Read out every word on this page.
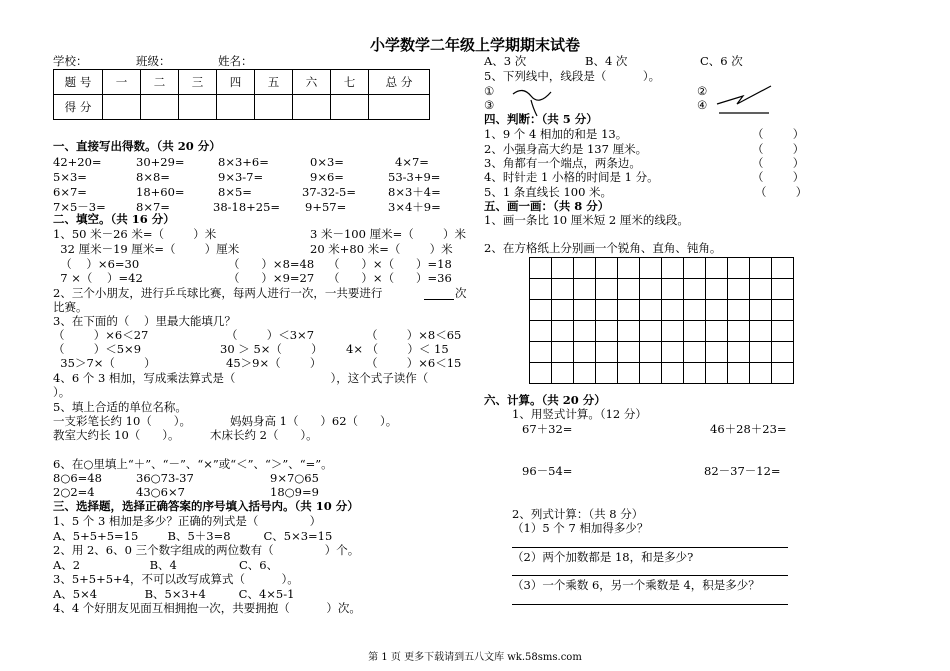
小学数学二年级上学期期末试卷
学校：	班级：	姓名：
题 号	一	二	三	四	五	六	七	总 分
得 分								
一、直接写出得数。（共 20 分）
42+20=	30+29=	8×3+6=	0×3=	4×7=
5×3=	8×8=	9×3-7=	9×6=	53-3+9=
6×7=	18+60=	8×5=	37-32-5=	8×3＋4=
7×5－3=	8×7=	38-18+25= 9+57=	3×4＋9=
二、填空。（共 16 分）
1、50 米－26 米=（        ）米	3 米－100 厘米=（        ）米
32 厘米－19 厘米=（        ）厘米	20 米+80 米=（        ）米
（    ）×6=30	（      ）×8=48 （      ）×（      ）=18
7 ×（    ）=42	（      ）×9=27 （      ）×（      ）=36
2、三个小朋友，进行乒乓球比赛，每两人进行一次，一共要进行	次
比赛。
3、在下面的（    ）里最大能填几？
（        ）×6＜27	（        ）＜3×7	（        ）×8＜65
（        ）＜5×9	30 ＞ 5×（        ） 4× （        ）＜ 15
35＞7×（        ）	45＞9×（        ）	（        ）×6＜15
4、6 个 3 相加，写成乘法算式是（                          ），这个式子读作（
）。
5、填上合适的单位名称。
一支彩笔长约 10（      ）。	妈妈身高 1（      ）62（      ）。
教室大约长 10（      ）。	木床长约 2（      ）。
6、在○里填上“＋”、“－”、“×”或“＜”、“＞”、“=”。
8○6=48	36○73-37	9×7○65
2○2=4	43○6×7	18○9=9
三、选择题，选择正确答案的序号填入括号内。（共 10 分）
1、5 个 3 相加是多少？正确的列式是（              ）
A、5+5+5=15        B、5＋3=8         C、5×3=15
2、用 2、6、0 三个数字组成的两位数有（              ）个。
A、2                   B、4                 C、6、
3、5+5+5+4，不可以改写成算式（          ）。
A、5×4             B、5×3+4         C、4×5-1
4、4 个好朋友见面互相拥抱一次，共要拥抱（          ）次。
A、3 次	B、4 次	C、6 次
5、下列线中，线段是（          ）。
①	②
③	④
四、判断：（共 5 分）
1、9 个 4 相加的和是 13。	（        ）
2、小强身高大约是 137 厘米。	（        ）
3、角都有一个端点，两条边。	（        ）
4、时针走 1 小格的时间是 1 分。	（        ）
5、1 条直线长 100 米。	（        ）
五、画一画：（共 8 分）
1、画一条比 10 厘米短 2 厘米的线段。
2、在方格纸上分别画一个锐角、直角、钝角。

六、计算。（共 20 分）
1、用竖式计算。（12 分）
67＋32=	46＋28＋23=
96－54=	82－37－12=
2、列式计算：（共 8 分）
（1）5 个 7 相加得多少？
（2）两个加数都是 18，和是多少?
（3）一个乘数 6，另一个乘数是 4，积是多少？
第 1 页 更多下载请到五八文库 wk.58sms.com
